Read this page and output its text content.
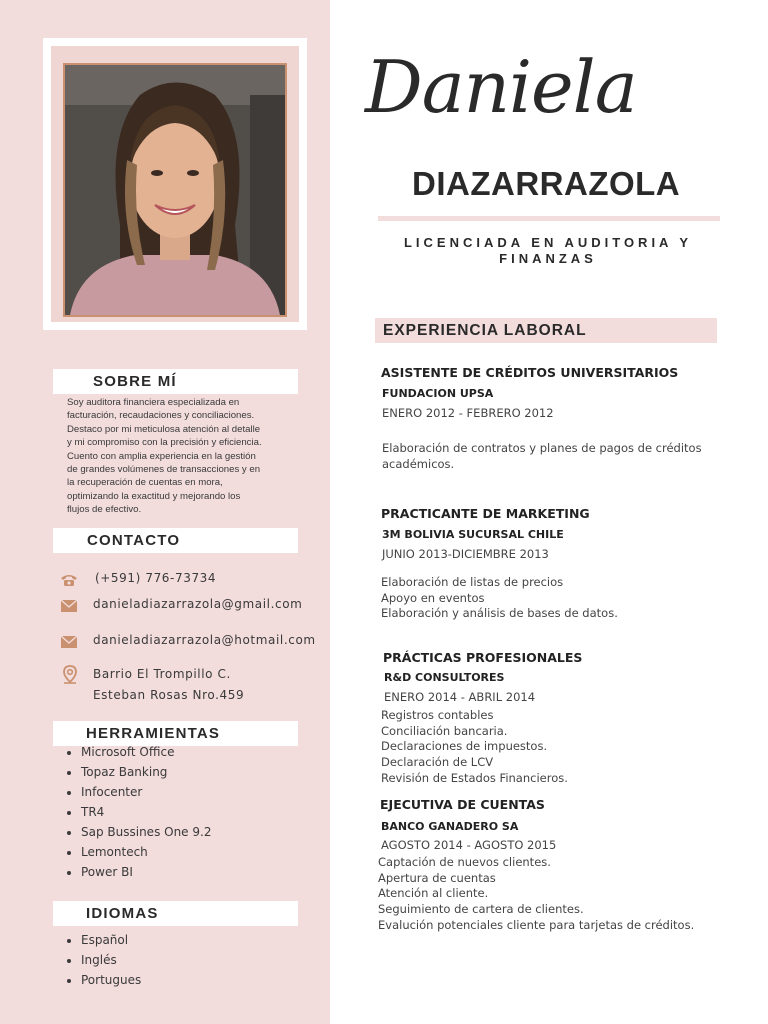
SOBRE MÍ
Soy auditora financiera especializada en
facturación, recaudaciones y conciliaciones.
Destaco por mi meticulosa atención al detalle
y mi compromiso con la precisión y eficiencia.
Cuento con amplia experiencia en la gestión
de grandes volúmenes de transacciones y en
la recuperación de cuentas en mora,
optimizando la exactitud y mejorando los
flujos de efectivo.
CONTACTO
(+591) 776-73734
danieladiazarrazola@gmail.com
danieladiazarrazola@hotmail.com
Barrio El Trompillo C.
Esteban Rosas Nro.459
HERRAMIENTAS
• Microsoft Office
• Topaz Banking
• Infocenter
• TR4
• Sap Bussines One 9.2
• Lemontech
• Power BI
IDIOMAS
• Español
• Inglés
• Portugues
Daniela
DIAZARRAZOLA

LICENCIADA EN AUDITORIA Y FINANZAS

EXPERIENCIA LABORAL
ASISTENTE DE CRÉDITOS UNIVERSITARIOS
FUNDACION UPSA
ENERO 2012 - FEBRERO 2012
Elaboración de contratos y planes de pagos de créditos
académicos.
PRACTICANTE DE MARKETING
3M BOLIVIA SUCURSAL CHILE
JUNIO 2013-DICIEMBRE 2013
Elaboración de listas de precios
Apoyo en eventos
Elaboración y análisis de bases de datos.
PRÁCTICAS PROFESIONALES
R&D CONSULTORES
ENERO 2014 - ABRIL 2014
Registros contables
Conciliación bancaria.
Declaraciones de impuestos.
Declaración de LCV
Revisión de Estados Financieros.
EJECUTIVA DE CUENTAS
BANCO GANADERO SA
AGOSTO 2014 - AGOSTO 2015
Captación de nuevos clientes.
Apertura de cuentas
Atención al cliente.
Seguimiento de cartera de clientes.
Evalución potenciales cliente para tarjetas de créditos.
